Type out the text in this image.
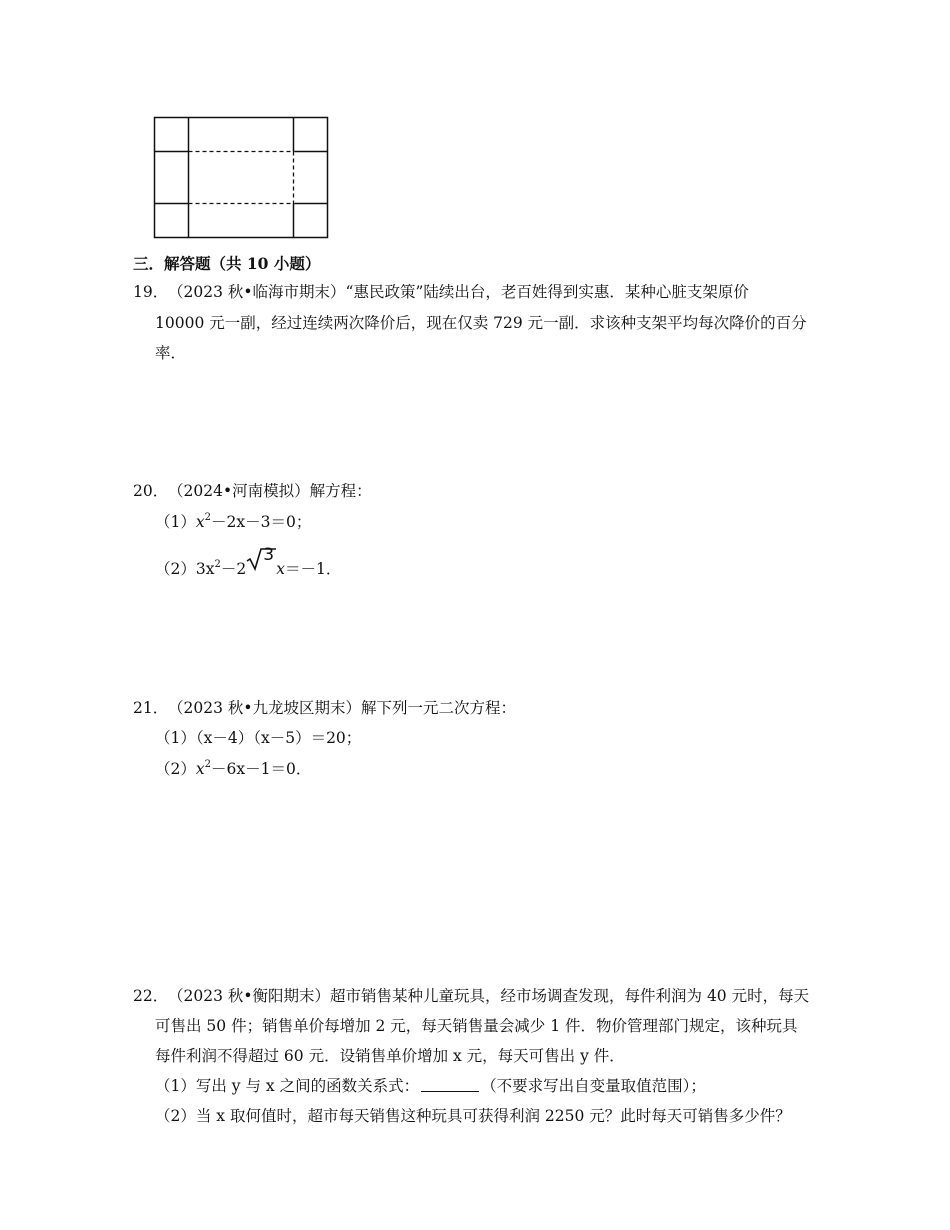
三．解答题（共 10 小题）
19． （2023 秋•临海市期末）“惠民政策”陆续出台，老百姓得到实惠．某种心脏支架原价
10000 元一副，经过连续两次降价后，现在仅卖 729 元一副．求该种支架平均每次降价的百分
率．
20． （2024•河南模拟）解方程：
$(1)x^2-2x-3=0$；
$(2)3x^2-2$
3
x＝－1．
21． （2023 秋•九龙坡区期末）解下列一元二次方程：
（1）（x－4）（x－5）＝20；
$(2)x^2-6x-1=0$．
22． （2023 秋•衡阳期末）超市销售某种儿童玩具，经市场调查发现，每件利润为 40 元时，每天
可售出 50 件；销售单价每增加 2 元，每天销售量会减少 1 件．物价管理部门规定，该种玩具
每件利润不得超过 60 元．设销售单价增加 x 元，每天可售出 y 件．
（1）写出 y 与 x 之间的函数关系式：	（不要求写出自变量取值范围）；
（2）当 x 取何值时，超市每天销售这种玩具可获得利润 2250 元？此时每天可销售多少件？
